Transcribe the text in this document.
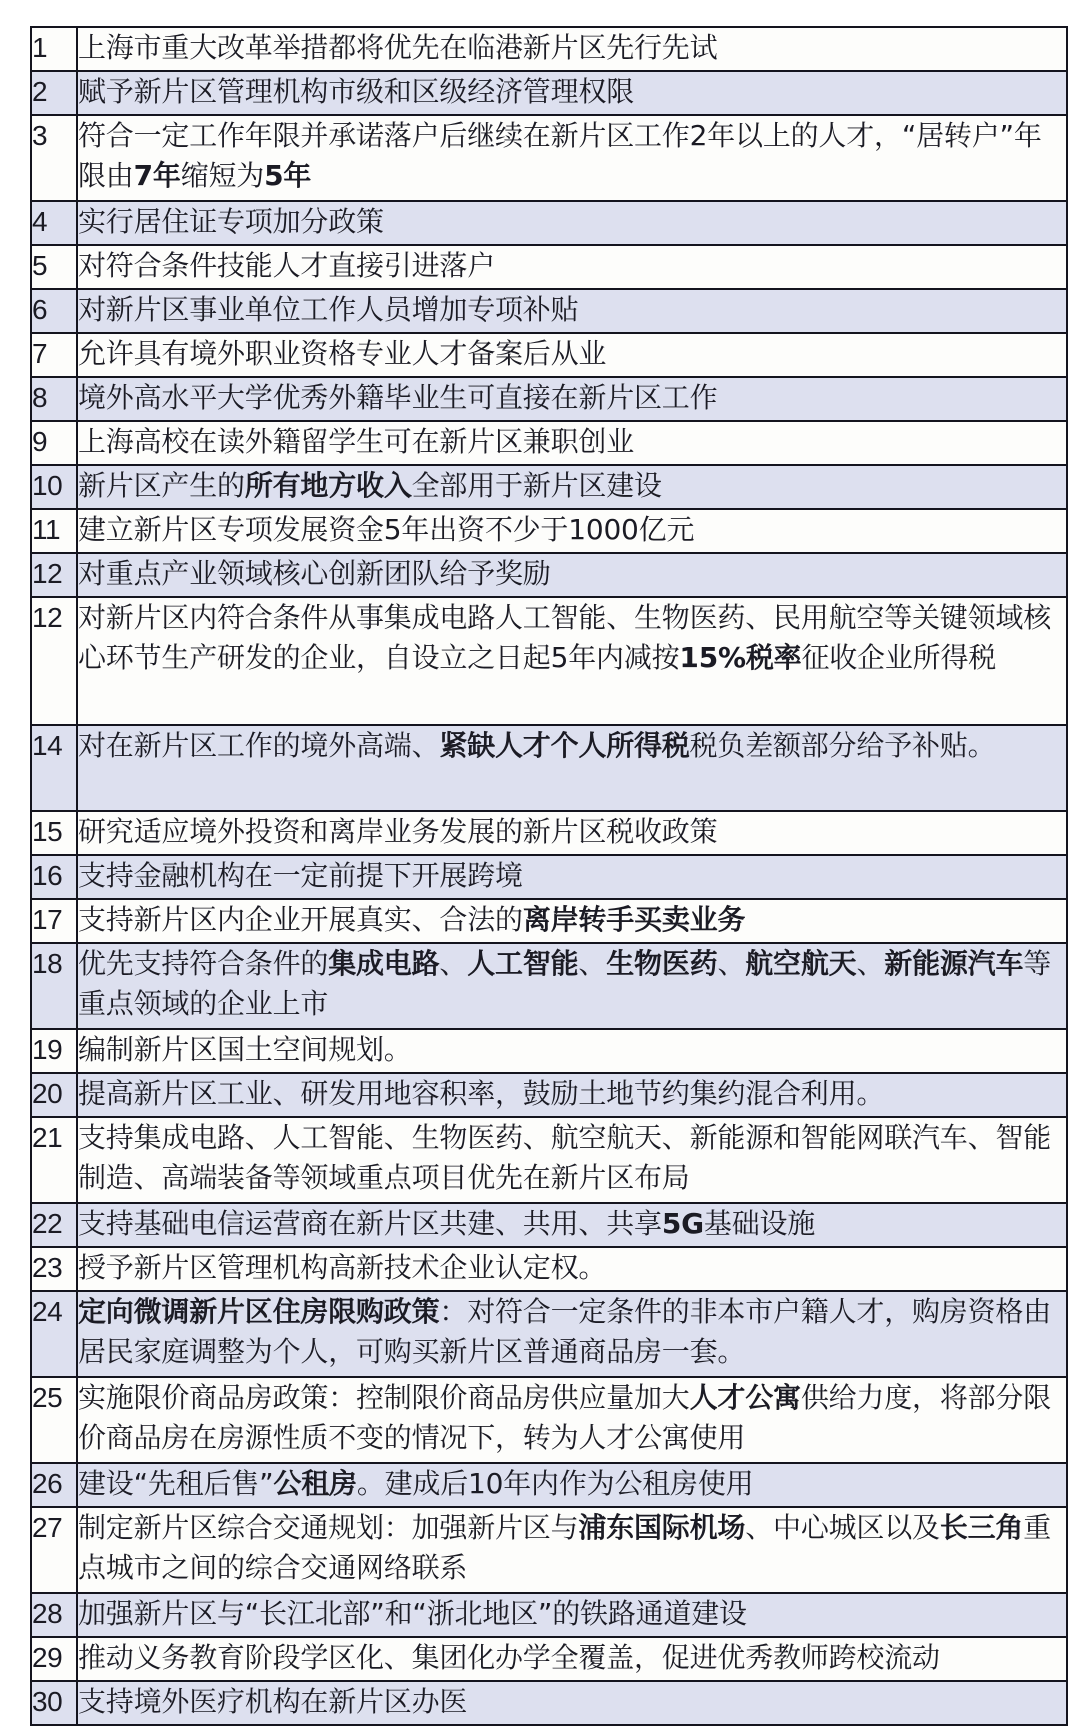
1	上海市重大改革举措都将优先在临港新片区先行先试
2	赋予新片区管理机构市级和区级经济管理权限
3	符合一定工作年限并承诺落户后继续在新片区工作2年以上的人才，“居转户”年限由7年缩短为5年
4	实行居住证专项加分政策
5	对符合条件技能人才直接引进落户
6	对新片区事业单位工作人员增加专项补贴
7	允许具有境外职业资格专业人才备案后从业
8	境外高水平大学优秀外籍毕业生可直接在新片区工作
9	上海高校在读外籍留学生可在新片区兼职创业
10	新片区产生的所有地方收入全部用于新片区建设
11	建立新片区专项发展资金5年出资不少于1000亿元
12	对重点产业领域核心创新团队给予奖励
12	对新片区内符合条件从事集成电路人工智能、生物医药、民用航空等关键领域核心环节生产研发的企业，自设立之日起5年内减按15%税率征收企业所得税
14	对在新片区工作的境外高端、紧缺人才个人所得税税负差额部分给予补贴。
15	研究适应境外投资和离岸业务发展的新片区税收政策
16	支持金融机构在一定前提下开展跨境
17	支持新片区内企业开展真实、合法的离岸转手买卖业务
18	优先支持符合条件的集成电路、人工智能、生物医药、航空航天、新能源汽车等重点领域的企业上市
19	编制新片区国土空间规划。
20	提高新片区工业、研发用地容积率，鼓励土地节约集约混合利用。
21	支持集成电路、人工智能、生物医药、航空航天、新能源和智能网联汽车、智能制造、高端装备等领域重点项目优先在新片区布局
22	支持基础电信运营商在新片区共建、共用、共享5G基础设施
23	授予新片区管理机构高新技术企业认定权。
24	定向微调新片区住房限购政策：对符合一定条件的非本市户籍人才，购房资格由居民家庭调整为个人，可购买新片区普通商品房一套。
25	实施限价商品房政策：控制限价商品房供应量加大人才公寓供给力度，将部分限价商品房在房源性质不变的情况下，转为人才公寓使用
26	建设“先租后售”公租房。建成后10年内作为公租房使用
27	制定新片区综合交通规划：加强新片区与浦东国际机场、中心城区以及长三角重点城市之间的综合交通网络联系
28	加强新片区与“长江北部”和“浙北地区”的铁路通道建设
29	推动义务教育阶段学区化、集团化办学全覆盖，促进优秀教师跨校流动
30	支持境外医疗机构在新片区办医
